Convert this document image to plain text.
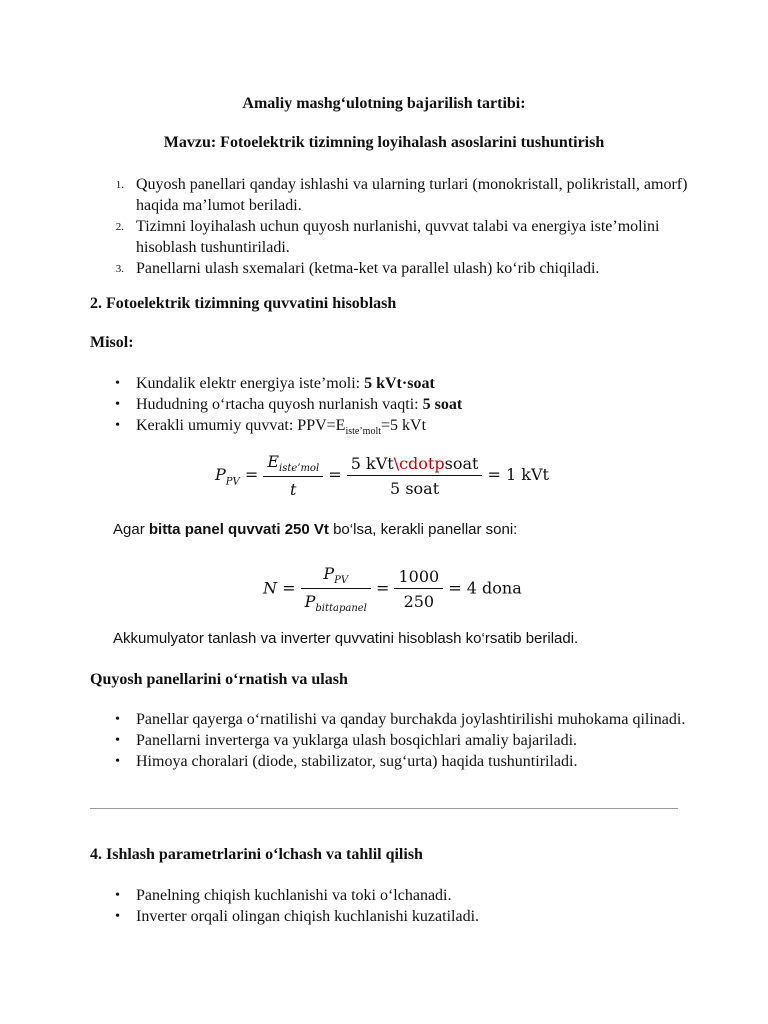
Amaliy mashg‘ulotning bajarilish tartibi:
Mavzu: Fotoelektrik tizimning loyihalash asoslarini tushuntirish
1. Quyosh panellari qanday ishlashi va ularning turlari (monokristall, polikristall, amorf) haqida ma’lumot beriladi.
2. Tizimni loyihalash uchun quyosh nurlanishi, quvvat talabi va energiya iste’molini hisoblash tushuntiriladi.
3. Panellarni ulash sxemalari (ketma-ket va parallel ulash) ko‘rib chiqiladi.
2. Fotoelektrik tizimning quvvatini hisoblash
Misol:
• Kundalik elektr energiya iste’moli: 5 kVt·soat
• Hududning o‘rtacha quyosh nurlanish vaqti: 5 soat
• Kerakli umumiy quvvat: $PPV=E_{iste’molt}=5$ kVt
$P_{PV} = \frac{E_{iste’mol}}{t} = \frac{\text{5 kVt\textbackslash{}cdotpsoat}}{\text{5 soat}} = 1$ kVt
Agar bitta panel quvvati 250 Vt bo‘lsa, kerakli panellar soni:
$N = \frac{P_{PV}}{P_{bittapanel}} = \frac{1000}{250} = 4$ dona
Akkumulyator tanlash va inverter quvvatini hisoblash ko‘rsatib beriladi.
Quyosh panellarini o‘rnatish va ulash
• Panellar qayerga o‘rnatilishi va qanday burchakda joylashtirilishi muhokama qilinadi.
• Panellarni inverterga va yuklarga ulash bosqichlari amaliy bajariladi.
• Himoya choralari (diode, stabilizator, sug‘urta) haqida tushuntiriladi.
4. Ishlash parametrlarini o‘lchash va tahlil qilish
• Panelning chiqish kuchlanishi va toki o‘lchanadi.
• Inverter orqali olingan chiqish kuchlanishi kuzatiladi.
